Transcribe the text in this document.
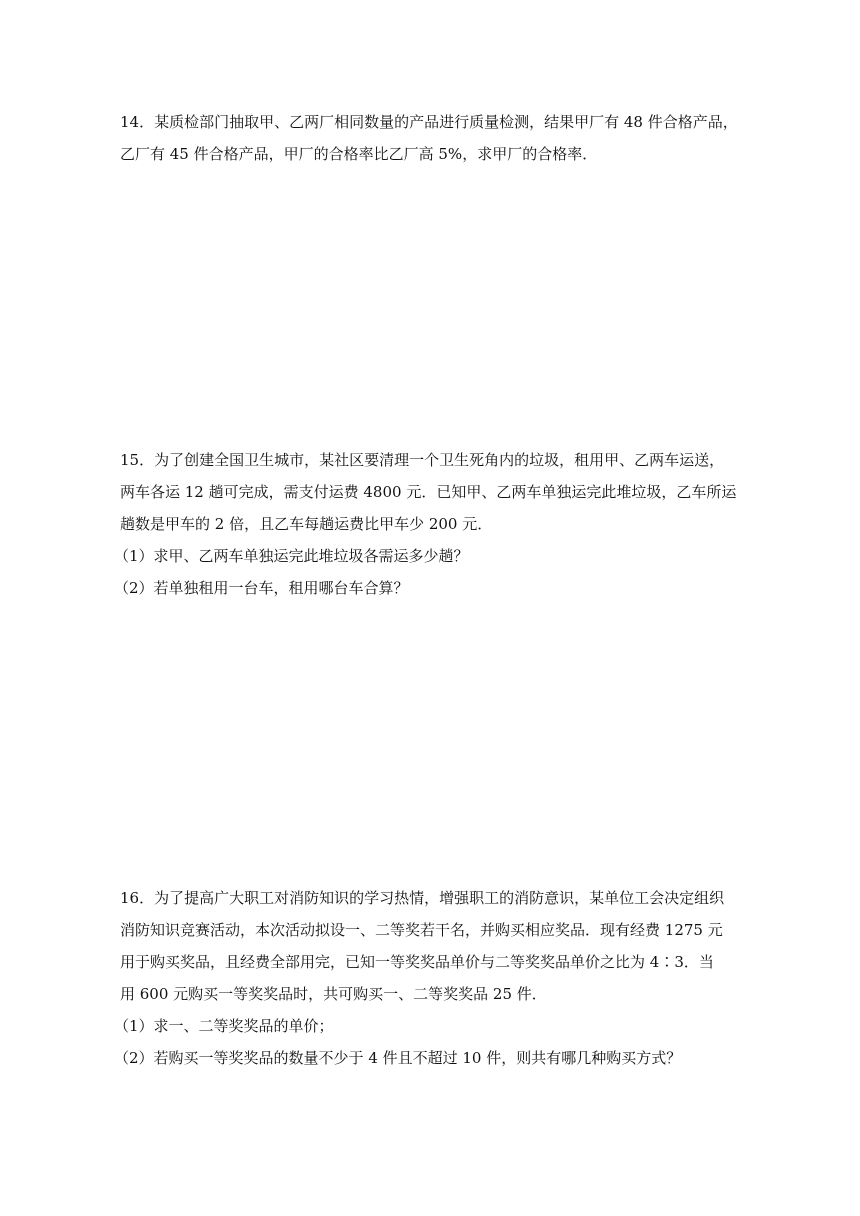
14．某质检部门抽取甲、乙两厂相同数量的产品进行质量检测，结果甲厂有 48 件合格产品，
乙厂有 45 件合格产品，甲厂的合格率比乙厂高 5%，求甲厂的合格率．
15．为了创建全国卫生城市，某社区要清理一个卫生死角内的垃圾，租用甲、乙两车运送，
两车各运 12 趟可完成，需支付运费 4800 元．已知甲、乙两车单独运完此堆垃圾，乙车所运
趟数是甲车的 2 倍，且乙车每趟运费比甲车少 200 元．
（1）求甲、乙两车单独运完此堆垃圾各需运多少趟？
（2）若单独租用一台车，租用哪台车合算？
16．为了提高广大职工对消防知识的学习热情，增强职工的消防意识，某单位工会决定组织
消防知识竞赛活动，本次活动拟设一、二等奖若干名，并购买相应奖品．现有经费 1275 元
用于购买奖品，且经费全部用完，已知一等奖奖品单价与二等奖奖品单价之比为 4∶3．当
用 600 元购买一等奖奖品时，共可购买一、二等奖奖品 25 件．
（1）求一、二等奖奖品的单价；
（2）若购买一等奖奖品的数量不少于 4 件且不超过 10 件，则共有哪几种购买方式？
